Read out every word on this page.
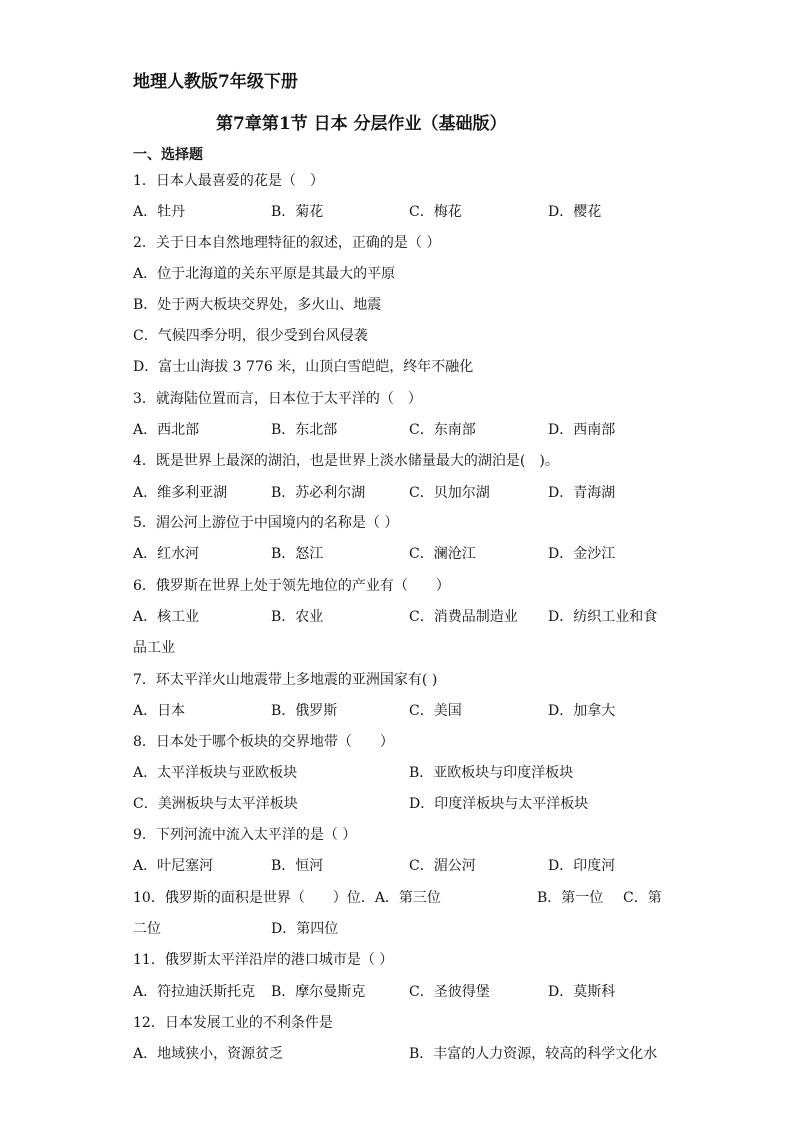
地理人教版7年级下册
第7章第1节 日本 分层作业（基础版）
一、选择题
1．日本人最喜爱的花是（　）
A．牡丹	B．菊花	C．梅花	D．樱花
2．关于日本自然地理特征的叙述，正确的是（ ）
A．位于北海道的关东平原是其最大的平原
B．处于两大板块交界处，多火山、地震
C．气候四季分明，很少受到台风侵袭
D．富士山海拔 3 776 米，山顶白雪皑皑，终年不融化
3．就海陆位置而言，日本位于太平洋的（　）
A．西北部	B．东北部	C．东南部	D．西南部
4．既是世界上最深的湖泊，也是世界上淡水储量最大的湖泊是(　)。
A．维多利亚湖	B．苏必利尔湖	C．贝加尔湖	D．青海湖
5．湄公河上游位于中国境内的名称是（ ）
A．红水河	B．怒江	C．澜沧江	D．金沙江
6．俄罗斯在世界上处于领先地位的产业有（　　）
A．核工业	B．农业	C．消费品制造业 D．纺织工业和食
品工业
7．环太平洋火山地震带上多地震的亚洲国家有( )
A．日本	B．俄罗斯	C．美国	D．加拿大
8．日本处于哪个板块的交界地带（　　）
A．太平洋板块与亚欧板块	B．亚欧板块与印度洋板块
C．美洲板块与太平洋板块	D．印度洋板块与太平洋板块
9．下列河流中流入太平洋的是（ ）
A．叶尼塞河	B．恒河	C．湄公河	D．印度河
10．俄罗斯的面积是世界（　　）位．A．第三位	B．第一位 C．第
二位	D．第四位
11．俄罗斯太平洋沿岸的港口城市是（ ）
A．符拉迪沃斯托克 B．摩尔曼斯克	C．圣彼得堡	D．莫斯科
12．日本发展工业的不利条件是
A．地域狭小，资源贫乏	B．丰富的人力资源，较高的科学文化水
